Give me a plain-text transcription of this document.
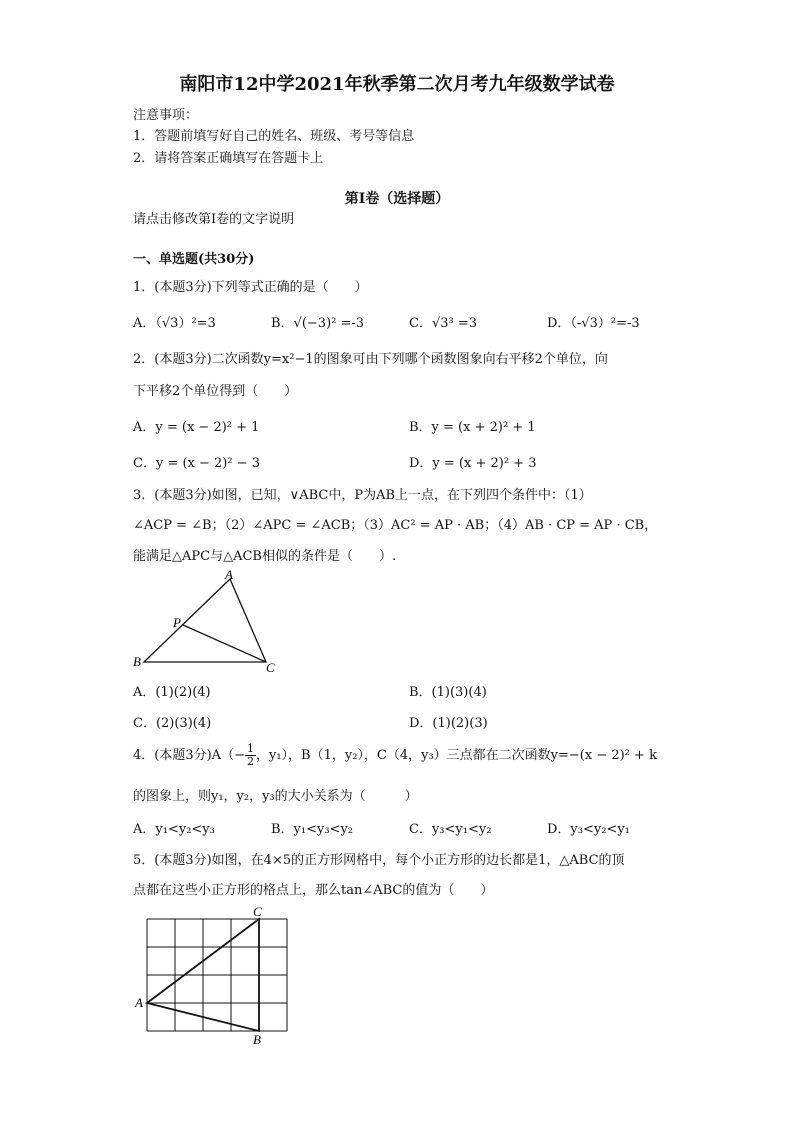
南阳市12中学2021年秋季第二次月考九年级数学试卷
注意事项：
1．答题前填写好自己的姓名、班级、考号等信息
2．请将答案正确填写在答题卡上
第I卷（选择题）
请点击修改第I卷的文字说明
一、单选题(共30分)
1．(本题3分)下列等式正确的是（　　）
A．（√3）²=3	B．√(−3)² =-3	C．√3³ =3	D．（-√3）²=-3
2．(本题3分)二次函数y=x²−1的图象可由下列哪个函数图象向右平移2个单位，向
下平移2个单位得到（　　）
A．y = (x − 2)² + 1	B．y = (x + 2)² + 1
C．y = (x − 2)² − 3	D．y = (x + 2)² + 3
3．(本题3分)如图，已知，∨ABC中，P为AB上一点，在下列四个条件中：（1）
∠ACP = ∠B；（2）∠APC = ∠ACB；（3）AC² = AP · AB；（4）AB · CP = AP · CB，
能满足△APC与△ACB相似的条件是（　　）.
A
P
B	C
A．(1)(2)(4)	B．(1)(3)(4)
C．(2)(3)(4)	D．(1)(2)(3)
4．(本题3分)$A(- \frac{1}{2}$ ，y₁），B（1，y₂），C（4，y₃）三点都在二次函数y=−(x − 2)² + k
的图象上，则y₁，y₂，y₃的大小关系为（　　　）
A．y₁<y₂<y₃	B．y₁<y₃<y₂	C．y₃<y₁<y₂	D．y₃<y₂<y₁
5．(本题3分)如图，在4×5的正方形网格中，每个小正方形的边长都是1，△ABC的顶
点都在这些小正方形的格点上，那么tan∠ABC的值为（　　）
A
B
C
